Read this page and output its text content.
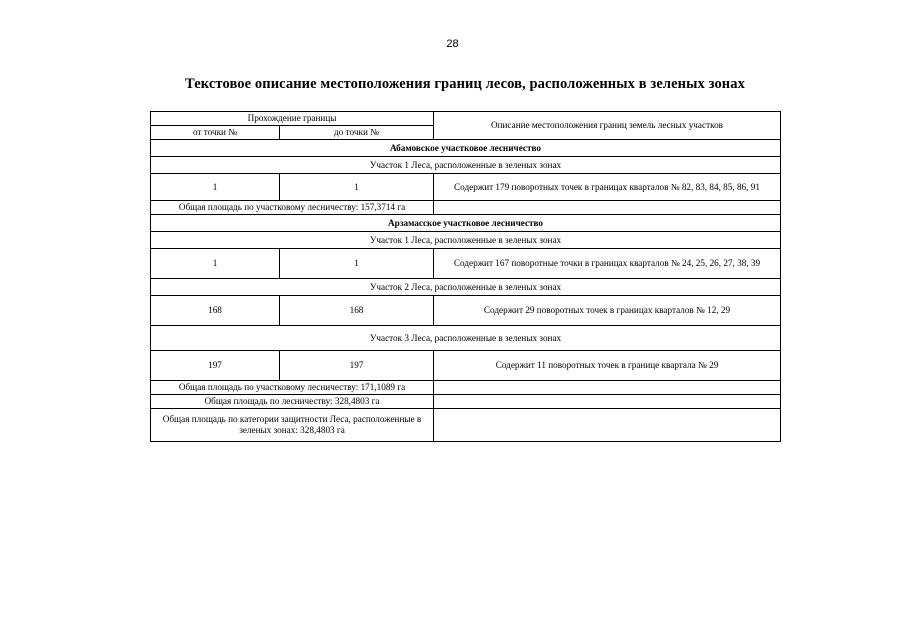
28
Текстовое описание местоположения границ лесов, расположенных в зеленых зонах
Прохождение границы		Описание местоположения границ земель лесных участков
от точки №	до точки №	
Абамовское участковое лесничество		
Участок 1 Леса, расположенные в зеленых зонах		
1	1	Содержит 179 поворотных точек в границах кварталов № 82, 83, 84, 85, 86, 91
Общая площадь по участковому лесничеству: 157,3714 га		
Арзамасское участковое лесничество		
Участок 1 Леса, расположенные в зеленых зонах		
1	1	Содержит 167 поворотные точки в границах кварталов № 24, 25, 26, 27, 38, 39
Участок 2 Леса, расположенные в зеленых зонах		
168	168	Содержит 29 поворотных точек в границах кварталов № 12, 29
Участок 3 Леса, расположенные в зеленых зонах		
197	197	Содержит 11 поворотных точек в границе квартала № 29
Общая площадь по участковому лесничеству: 171,1089 га		
Общая площадь по лесничеству: 328,4803 га		
Общая площадь по категории защитности Леса, расположенные в зеленых зонах: 328,4803 га		
